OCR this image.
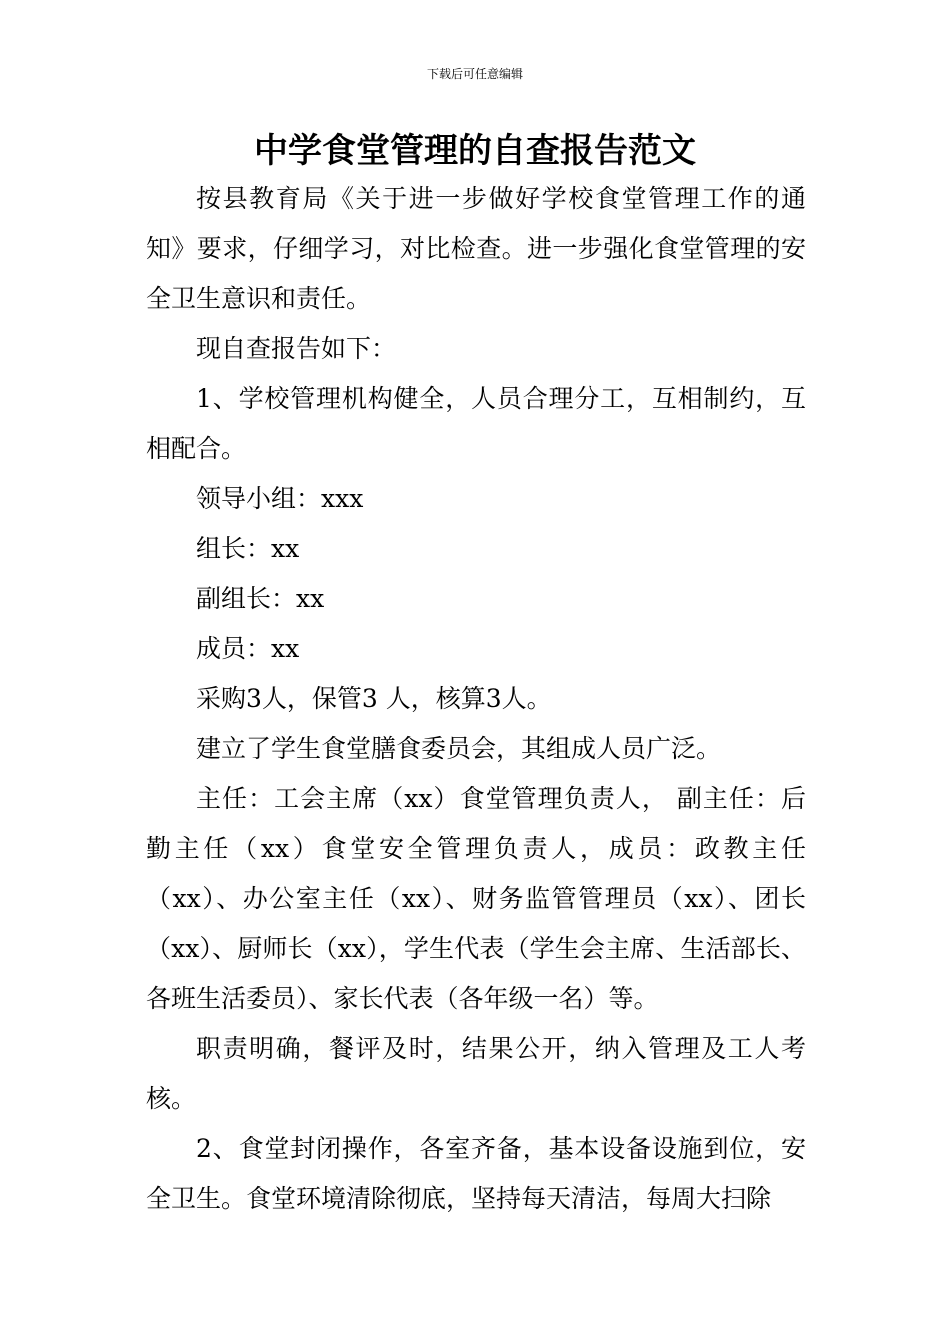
下载后可任意编辑
中学食堂管理的自查报告范文

按县教育局《关于进一步做好学校食堂管理工作的通知》要求，仔细学习，对比检查。进一步强化食堂管理的安全卫生意识和责任。

现自查报告如下：

1、学校管理机构健全，人员合理分工，互相制约，互相配合。

领导小组：xxx

组长：xx

副组长：xx

成员：xx

采购3人，保管3 人，核算3人。

建立了学生食堂膳食委员会，其组成人员广泛。

主任：工会主席（xx）食堂管理负责人， 副主任：后勤主任（xx）食堂安全管理负责人，成员：政教主任（xx）、办公室主任（xx）、财务监管管理员（xx）、团长（xx）、厨师长（xx），学生代表（学生会主席、生活部长、各班生活委员）、家长代表（各年级一名）等。

职责明确，餐评及时，结果公开，纳入管理及工人考核。

2、食堂封闭操作，各室齐备，基本设备设施到位，安全卫生。食堂环境清除彻底，坚持每天清洁，每周大扫除
